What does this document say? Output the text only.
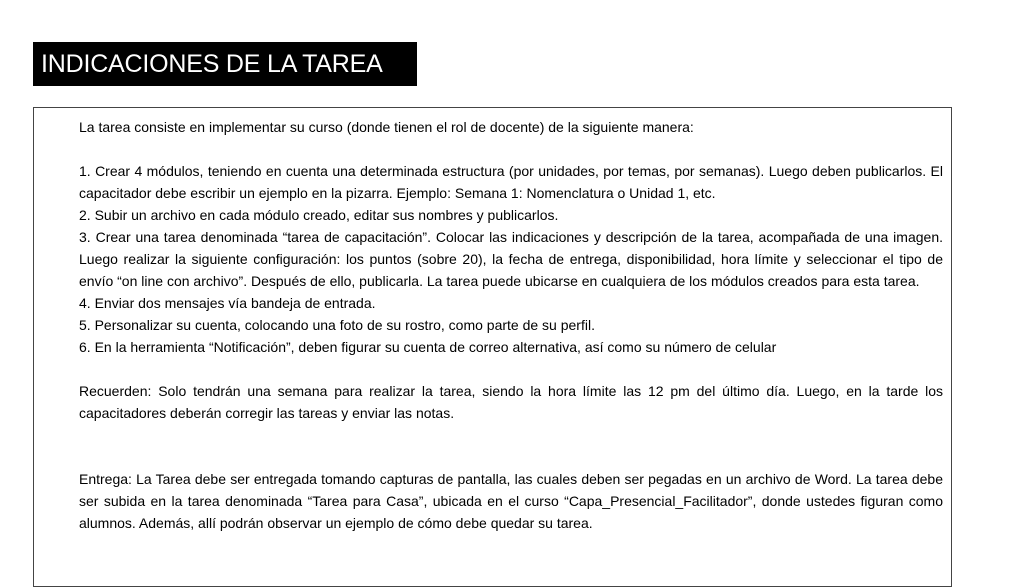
INDICACIONES DE LA TAREA

La tarea consiste en implementar su curso (donde tienen el rol de docente) de la siguiente manera:

1. Crear 4 módulos, teniendo en cuenta una determinada estructura (por unidades, por temas, por semanas). Luego deben publicarlos. El capacitador debe escribir un ejemplo en la pizarra. Ejemplo: Semana 1: Nomenclatura o Unidad 1, etc.

2. Subir un archivo en cada módulo creado, editar sus nombres y publicarlos.

3. Crear una tarea denominada “tarea de capacitación”. Colocar las indicaciones y descripción de la tarea, acompañada de una imagen. Luego realizar la siguiente configuración: los puntos (sobre 20), la fecha de entrega, disponibilidad, hora límite y seleccionar el tipo de envío “on line con archivo”. Después de ello, publicarla. La tarea puede ubicarse en cualquiera de los módulos creados para esta tarea.

4. Enviar dos mensajes vía bandeja de entrada.

5. Personalizar su cuenta, colocando una foto de su rostro, como parte de su perfil.

6. En la herramienta “Notificación”, deben figurar su cuenta de correo alternativa, así como su número de celular

Recuerden: Solo tendrán una semana para realizar la tarea, siendo la hora límite las 12 pm del último día. Luego, en la tarde los capacitadores deberán corregir las tareas y enviar las notas.

Entrega: La Tarea debe ser entregada tomando capturas de pantalla, las cuales deben ser pegadas en un archivo de Word. La tarea debe ser subida en la tarea denominada “Tarea para Casa”, ubicada en el curso “Capa_Presencial_Facilitador”, donde ustedes figuran como alumnos. Además, allí podrán observar un ejemplo de cómo debe quedar su tarea.
